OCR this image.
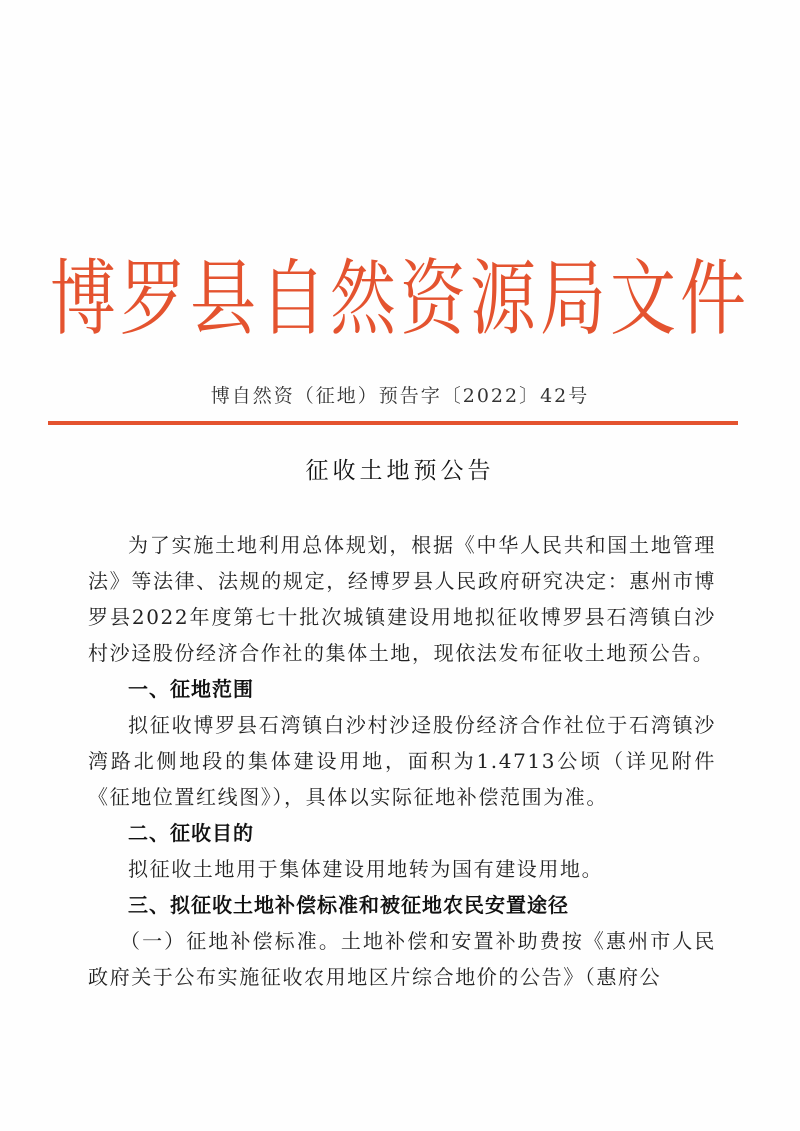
博罗县自然资源局文件
博自然资（征地）预告字〔2022〕42号
征收土地预公告

为了实施土地利用总体规划，根据《中华人民共和国土地管理法》等法律、法规的规定，经博罗县人民政府研究决定：惠州市博罗县2022年度第七十批次城镇建设用地拟征收博罗县石湾镇白沙村沙迳股份经济合作社的集体土地，现依法发布征收土地预公告。

一、征地范围

拟征收博罗县石湾镇白沙村沙迳股份经济合作社位于石湾镇沙湾路北侧地段的集体建设用地，面积为1.4713公顷（详见附件《征地位置红线图》），具体以实际征地补偿范围为准。

二、征收目的

拟征收土地用于集体建设用地转为国有建设用地。

三、拟征收土地补偿标准和被征地农民安置途径

（一）征地补偿标准。土地补偿和安置补助费按《惠州市人民政府关于公布实施征收农用地区片综合地价的公告》（惠府公
